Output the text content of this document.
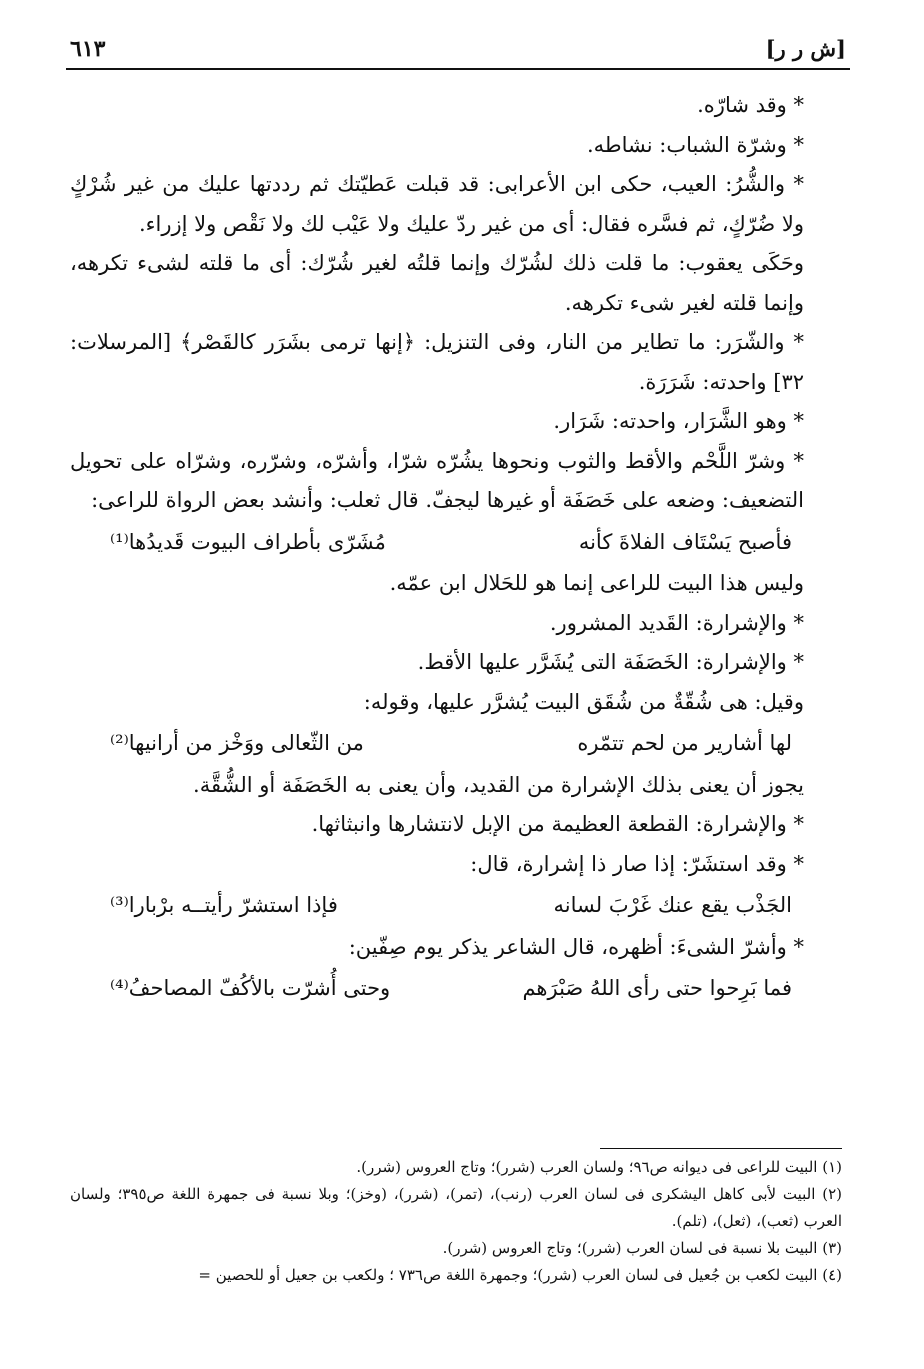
٦١٣	[ش ر ر]

* وقد شارّه.

* وشرّة الشباب: نشاطه.

* والشُّرُ: العيب، حكى ابن الأعرابى: قد قبلت عَطيّتك ثم رددتها عليك من غير شُرْكٍ ولا ضُرّكٍ، ثم فسَّره فقال: أى من غير ردّ عليك ولا عَيْب لك ولا نَقْص ولا إزراء.

وحَكَى يعقوب: ما قلت ذلك لشُرّك وإنما قلتُه لغير شُرّك: أى ما قلته لشىء تكرهه، وإنما قلته لغير شىء تكرهه.

* والشّرَر: ما تطاير من النار، وفى التنزيل: ﴿إنها ترمى بشَرَر كالقَصْر﴾ [المرسلات: ٣٢] واحدته: شَرَرَة.

* وهو الشَّرَار، واحدته: شَرَار.

* وشرّ اللَّحْم والأقط والثوب ونحوها يشُرّه شرّا، وأشرّه، وشرّره، وشرّاه على تحويل التضعيف: وضعه على خَصَفَة أو غيرها ليجفّ. قال ثعلب: وأنشد بعض الرواة للراعى:

فأصبح يَسْتَاف الفلاةَ كأنه
مُشَرّى بأطراف البيوت قَديدُها⁽¹⁾

وليس هذا البيت للراعى إنما هو للحَلال ابن عمّه.

* والإشرارة: القَديد المشرور.

* والإشرارة: الخَصَفَة التى يُشَرَّر عليها الأقط.

وقيل: هى شُقّةٌ من شُقَق البيت يُشرَّر عليها، وقوله:

لها أشارير من لحم تتمّره
من الثّعالى ووَخْز من أرانيها⁽²⁾

يجوز أن يعنى بذلك الإشرارة من القديد، وأن يعنى به الخَصَفَة أو الشُّقَّة.

* والإشرارة: القطعة العظيمة من الإبل لانتشارها وانبثاثها.

* وقد استشَرّ: إذا صار ذا إشرارة، قال:

الجَذْب يقع عنك غَرْبَ لسانه
فإذا استشرّ رأيتــه برْبارا⁽³⁾

* وأشرّ الشىءَ: أظهره، قال الشاعر يذكر يوم صِفّين:

فما بَرِحوا حتى رأى اللهُ صَبْرَهم
وحتى أُشرّت بالأكُفّ المصاحفُ⁽⁴⁾

(١) البيت للراعى فى ديوانه ص٩٦؛ ولسان العرب (شرر)؛ وتاج العروس (شرر).

(٢) البيت لأبى كاهل اليشكرى فى لسان العرب (رنب)، (تمر)، (شرر)، (وخز)؛ وبلا نسبة فى جمهرة اللغة ص٣٩٥؛ ولسان العرب (ثعب)، (ثعل)، (تلم).

(٣) البيت بلا نسبة فى لسان العرب (شرر)؛ وتاج العروس (شرر).

(٤) البيت لكعب بن جُعيل فى لسان العرب (شرر)؛ وجمهرة اللغة ص٧٣٦ ؛ ولكعب بن جعيل أو للحصين =
